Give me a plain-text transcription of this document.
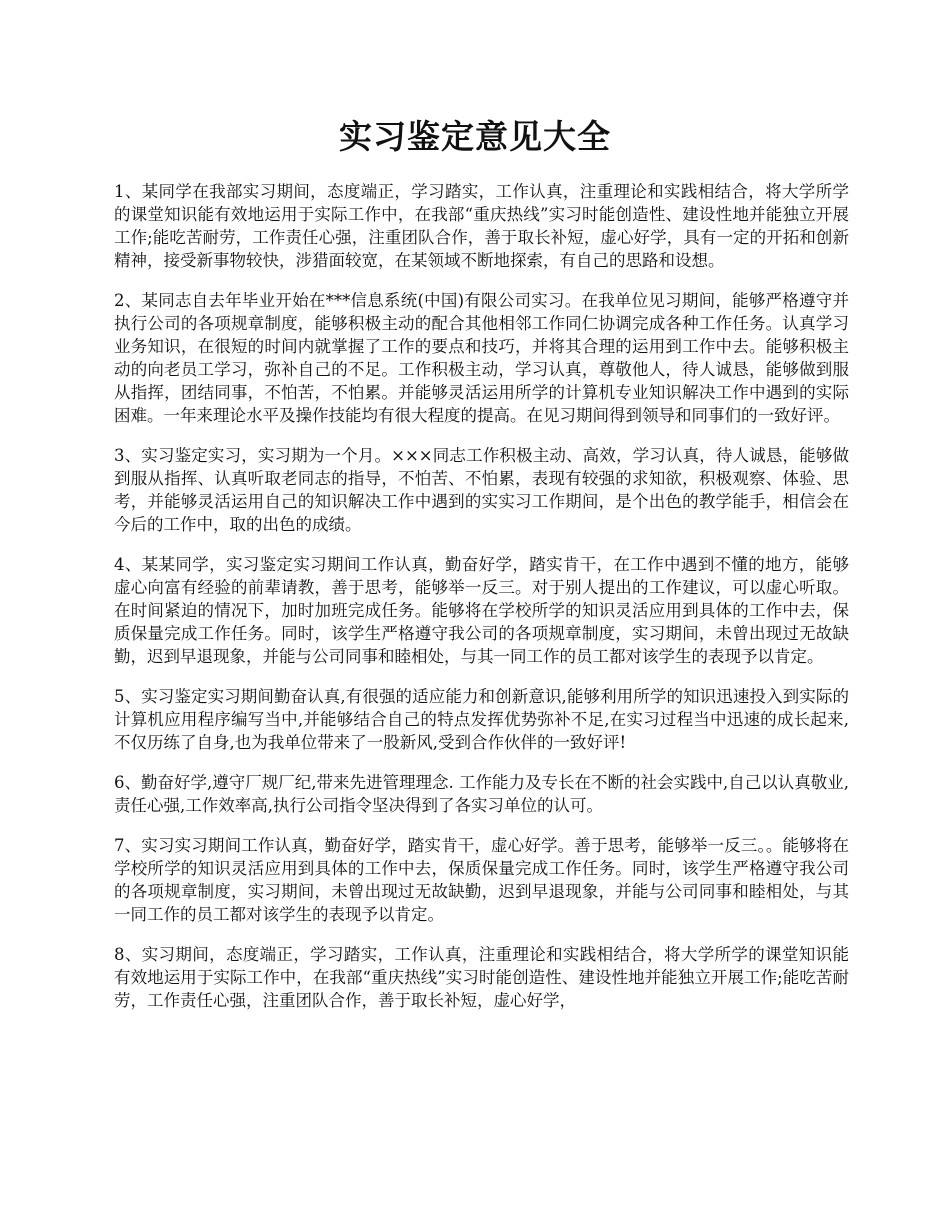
实习鉴定意见大全

1、某同学在我部实习期间，态度端正，学习踏实，工作认真，注重理论和实践相结合，将大学所学的课堂知识能有效地运用于实际工作中，在我部“重庆热线”实习时能创造性、建设性地并能独立开展工作;能吃苦耐劳，工作责任心强，注重团队合作，善于取长补短，虚心好学，具有一定的开拓和创新精神，接受新事物较快，涉猎面较宽，在某领域不断地探索，有自己的思路和设想。

2、某同志自去年毕业开始在***信息系统(中国)有限公司实习。在我单位见习期间，能够严格遵守并执行公司的各项规章制度，能够积极主动的配合其他相邻工作同仁协调完成各种工作任务。认真学习业务知识，在很短的时间内就掌握了工作的要点和技巧，并将其合理的运用到工作中去。能够积极主动的向老员工学习，弥补自己的不足。工作积极主动，学习认真，尊敬他人，待人诚恳，能够做到服从指挥，团结同事，不怕苦，不怕累。并能够灵活运用所学的计算机专业知识解决工作中遇到的实际困难。一年来理论水平及操作技能均有很大程度的提高。在见习期间得到领导和同事们的一致好评。

3、实习鉴定实习，实习期为一个月。×××同志工作积极主动、高效，学习认真，待人诚恳，能够做到服从指挥、认真听取老同志的指导，不怕苦、不怕累，表现有较强的求知欲，积极观察、体验、思考，并能够灵活运用自己的知识解决工作中遇到的实实习工作期间，是个出色的教学能手，相信会在今后的工作中，取的出色的成绩。

4、某某同学，实习鉴定实习期间工作认真，勤奋好学，踏实肯干，在工作中遇到不懂的地方，能够虚心向富有经验的前辈请教，善于思考，能够举一反三。对于别人提出的工作建议，可以虚心听取。在时间紧迫的情况下，加时加班完成任务。能够将在学校所学的知识灵活应用到具体的工作中去，保质保量完成工作任务。同时，该学生严格遵守我公司的各项规章制度，实习期间，未曾出现过无故缺勤，迟到早退现象，并能与公司同事和睦相处，与其一同工作的员工都对该学生的表现予以肯定。

5、实习鉴定实习期间勤奋认真,有很强的适应能力和创新意识,能够利用所学的知识迅速投入到实际的计算机应用程序编写当中,并能够结合自己的特点发挥优势弥补不足,在实习过程当中迅速的成长起来,不仅历练了自身,也为我单位带来了一股新风,受到合作伙伴的一致好评!

6、勤奋好学,遵守厂规厂纪,带来先进管理理念. 工作能力及专长在不断的社会实践中,自己以认真敬业,责任心强,工作效率高,执行公司指令坚决得到了各实习单位的认可。

7、实习实习期间工作认真，勤奋好学，踏实肯干，虚心好学。善于思考，能够举一反三。。能够将在学校所学的知识灵活应用到具体的工作中去，保质保量完成工作任务。同时，该学生严格遵守我公司的各项规章制度，实习期间，未曾出现过无故缺勤，迟到早退现象，并能与公司同事和睦相处，与其一同工作的员工都对该学生的表现予以肯定。

8、实习期间，态度端正，学习踏实，工作认真，注重理论和实践相结合，将大学所学的课堂知识能有效地运用于实际工作中，在我部“重庆热线”实习时能创造性、建设性地并能独立开展工作;能吃苦耐劳，工作责任心强，注重团队合作，善于取长补短，虚心好学，
